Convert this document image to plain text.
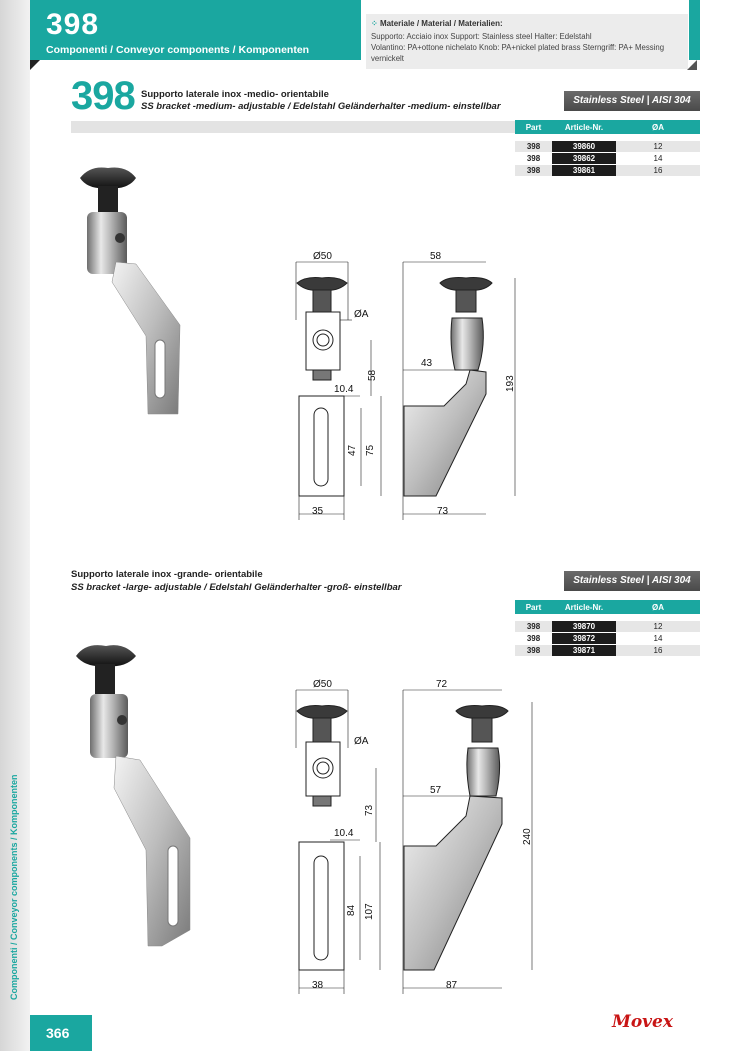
398
Componenti / Conveyor components / Komponenten
⁘ Materiale / Material / Materialien:
Supporto: Acciaio inox Support: Stainless steel Halter: Edelstahl
Volantino: PA+ottone nichelato Knob: PA+nickel plated brass Sterngriff: PA+ Messing
vernickelt
398 Supporto laterale inox -medio- orientabile
SS bracket -medium- adjustable / Edelstahl Geländerhalter -medium- einstellbar
Stainless Steel | AISI 304
Part	Article-Nr.	ØA
398	39860	12
398	39862	14
398	39861	16
Supporto laterale inox -grande- orientabile
SS bracket -large- adjustable / Edelstahl Geländerhalter -groß- einstellbar
Stainless Steel | AISI 304
Part	Article-Nr.	ØA
398	39870	12
398	39872	14
398	39871	16
Ø50
ØA
10.4
58
47 75
35
58
43
193
73
Ø50
ØA
10.4
73
84 107
38
72
57
240
87
Componenti / Conveyor components / Komponenten
366
Movex
